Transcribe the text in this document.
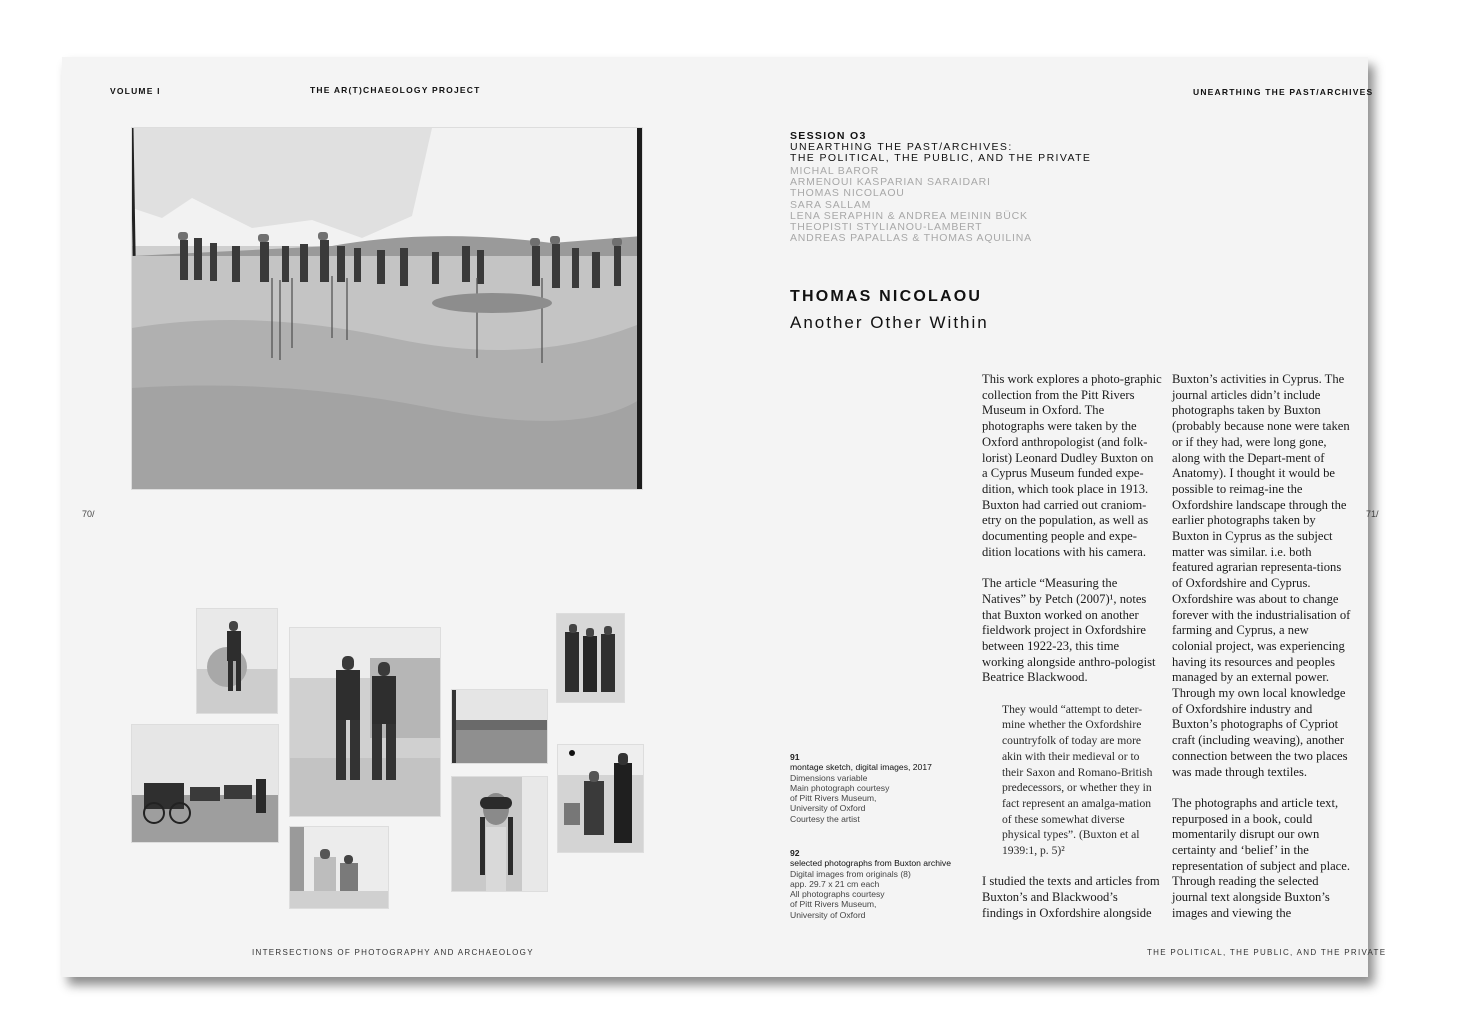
VOLUME I	THE AR(T)CHAEOLOGY PROJECT
70/
INTERSECTIONS OF PHOTOGRAPHY AND ARCHAEOLOGY
UNEARTHING THE PAST/ARCHIVES
71/
THE POLITICAL, THE PUBLIC, AND THE PRIVATE
SESSION O3
UNEARTHING THE PAST/ARCHIVES:
THE POLITICAL, THE PUBLIC, AND THE PRIVATE
MICHAL BAROR
ARMENOUI KASPARIAN SARAIDARI
THOMAS NICOLAOU
SARA SALLAM
LENA SERAPHIN & ANDREA MEININ BÜCK
THEOPISTI STYLIANOU-LAMBERT
ANDREAS PAPALLAS & THOMAS AQUILINA
THOMAS NICOLAOU
Another Other Within

This work explores a photo-graphic collection from the Pitt Rivers Museum in Oxford. The photographs were taken by the Oxford anthropologist (and folk-lorist) Leonard Dudley Buxton on a Cyprus Museum funded expe-dition, which took place in 1913. Buxton had carried out craniom-etry on the population, as well as documenting people and expe-dition locations with his camera.

The article “Measuring the Natives” by Petch (2007)¹, notes that Buxton worked on another fieldwork project in Oxfordshire between 1922-23, this time working alongside anthro-pologist Beatrice Blackwood.

They would “attempt to deter-mine whether the Oxfordshire countryfolk of today are more akin with their medieval or to their Saxon and Romano-British predecessors, or whether they in fact represent an amalga-mation of these somewhat diverse physical types”. (Buxton et al 1939:1, p. 5)²

I studied the texts and articles from Buxton’s and Blackwood’s findings in Oxfordshire alongside

Buxton’s activities in Cyprus. The journal articles didn’t include photographs taken by Buxton (probably because none were taken or if they had, were long gone, along with the Depart-ment of Anatomy). I thought it would be possible to reimag-ine the Oxfordshire landscape through the earlier photographs taken by Buxton in Cyprus as the subject matter was similar. i.e. both featured agrarian representa-tions of Oxfordshire and Cyprus. Oxfordshire was about to change forever with the industrialisation of farming and Cyprus, a new colonial project, was experiencing having its resources and peoples managed by an external power. Through my own local knowledge of Oxfordshire industry and Buxton’s photographs of Cypriot craft (including weaving), another connection between the two places was made through textiles.

The photographs and article text, repurposed in a book, could momentarily disrupt our own certainty and ‘belief’ in the representation of subject and place. Through reading the selected journal text alongside Buxton’s images and viewing the

91
montage sketch, digital images, 2017
Dimensions variable
Main photograph courtesy
of Pitt Rivers Museum,
University of Oxford
Courtesy the artist
92
selected photographs from Buxton archive
Digital images from originals (8)
app. 29.7 x 21 cm each
All photographs courtesy
of Pitt Rivers Museum,
University of Oxford
